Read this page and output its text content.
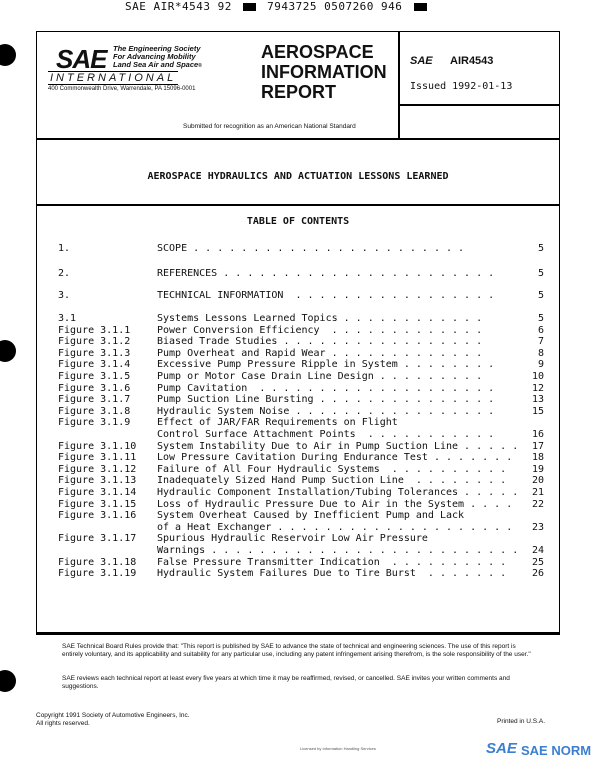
SAE AIR*4543 92	7943725 0507260 946
SAE The Engineering Society
For Advancing Mobility
Land Sea Air and Space®
INTERNATIONAL
400 Commonwealth Drive, Warrendale, PA 15096-0001
AEROSPACE
INFORMATION
REPORT
SAE AIR4543
Issued 1992-01-13
Submitted for recognition as an American National Standard
AEROSPACE HYDRAULICS AND ACTUATION LESSONS LEARNED
TABLE OF CONTENTS
1.	SCOPE . . . . . . . . . . . . . . . . . . . . . . .	5
2.	REFERENCES . . . . . . . . . . . . . . . . . . . . . . .	5
3.	TECHNICAL INFORMATION  . . . . . . . . . . . . . . . . .	5
3.1	Systems Lessons Learned Topics . . . . . . . . . . . .	5
Figure 3.1.1	Power Conversion Efficiency  . . . . . . . . . . . . .	6
Figure 3.1.2	Biased Trade Studies . . . . . . . . . . . . . . . . .	7
Figure 3.1.3	Pump Overheat and Rapid Wear . . . . . . . . . . . . .	8
Figure 3.1.4	Excessive Pump Pressure Ripple in System . . . . . . . .	9
Figure 3.1.5	Pump or Motor Case Drain Line Design . . . . . . . . .	10
Figure 3.1.6	Pump Cavitation  . . . . . . . . . . . . . . . . . . . .	12
Figure 3.1.7	Pump Suction Line Bursting . . . . . . . . . . . . . . .	13
Figure 3.1.8	Hydraulic System Noise . . . . . . . . . . . . . . . . .	15
Figure 3.1.9	Effect of JAR/FAR Requirements on Flight
Control Surface Attachment Points  . . . . . . . . . . .	16
Figure 3.1.10 System Instability Due to Air in Pump Suction Line . . . . .	17
Figure 3.1.11 Low Pressure Cavitation During Endurance Test . . . . . . .	18
Figure 3.1.12 Failure of All Four Hydraulic Systems  . . . . . . . . . .	19
Figure 3.1.13 Inadequately Sized Hand Pump Suction Line  . . . . . . . .	20
Figure 3.1.14 Hydraulic Component Installation/Tubing Tolerances . . . . .	21
Figure 3.1.15 Loss of Hydraulic Pressure Due to Air in the System . . . .	22
Figure 3.1.16 System Overheat Caused by Inefficient Pump and Lack
of a Heat Exchanger . . . . . . . . . . . . . . . . . . . .	23
Figure 3.1.17 Spurious Hydraulic Reservoir Low Air Pressure
Warnings . . . . . . . . . . . . . . . . . . . . . . . . . .	24
Figure 3.1.18 False Pressure Transmitter Indication  . . . . . . . . . .	25
Figure 3.1.19 Hydraulic System Failures Due to Tire Burst  . . . . . . .	26
SAE Technical Board Rules provide that: "This report is published by SAE to advance the state of technical and engineering sciences. The use of this report is entirely voluntary, and its applicability and suitability for any particular use, including any patent infringement arising therefrom, is the sole responsibility of the user."
SAE reviews each technical report at least every five years at which time it may be reaffirmed, revised, or cancelled. SAE invites your written comments and suggestions.
Copyright 1991 Society of Automotive Engineers, Inc.
All rights reserved.	Printed in U.S.A.
Licensed by Information Handling Services	SAE SAE NORM
